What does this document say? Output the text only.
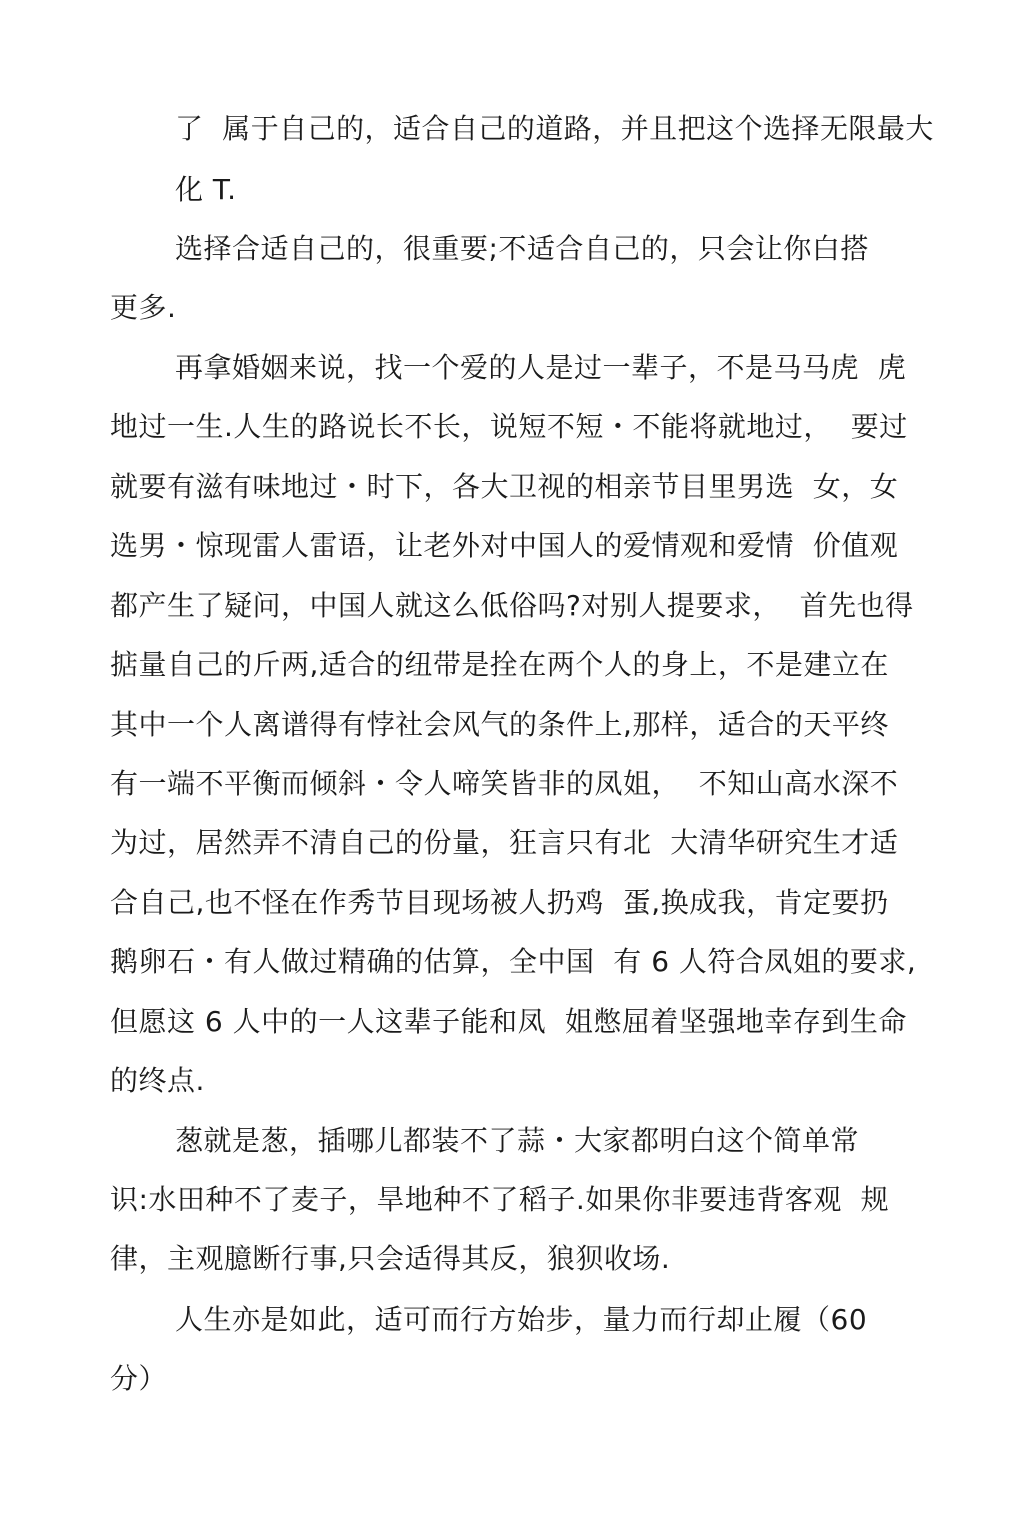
了  属于自己的，适合自己的道路，并且把这个选择无限最大
化 T.
选择合适自己的，很重要;不适合自己的，只会让你白搭
更多.
再拿婚姻来说，找一个爱的人是过一辈子，不是马马虎  虎
地过一生.人生的路说长不长，说短不短・不能将就地过，  要过
就要有滋有味地过・时下，各大卫视的相亲节目里男选  女，女
选男・惊现雷人雷语，让老外对中国人的爱情观和爱情  价值观
都产生了疑问，中国人就这么低俗吗?对别人提要求，  首先也得
掂量自己的斤两,适合的纽带是拴在两个人的身上，不是建立在
其中一个人离谱得有悖社会风气的条件上,那样，适合的天平终
有一端不平衡而倾斜・令人啼笑皆非的凤姐，  不知山高水深不
为过，居然弄不清自己的份量，狂言只有北  大清华研究生才适
合自己,也不怪在作秀节目现场被人扔鸡  蛋,换成我，肯定要扔
鹅卵石・有人做过精确的估算，全中国  有 6 人符合凤姐的要求,
但愿这 6 人中的一人这辈子能和凤  姐憋屈着坚强地幸存到生命
的终点.
葱就是葱，插哪儿都装不了蒜・大家都明白这个简单常
识:水田种不了麦子，旱地种不了稻子.如果你非要违背客观  规
律，主观臆断行事,只会适得其反，狼狈收场.
人生亦是如此，适可而行方始步，量力而行却止履（60
分）
